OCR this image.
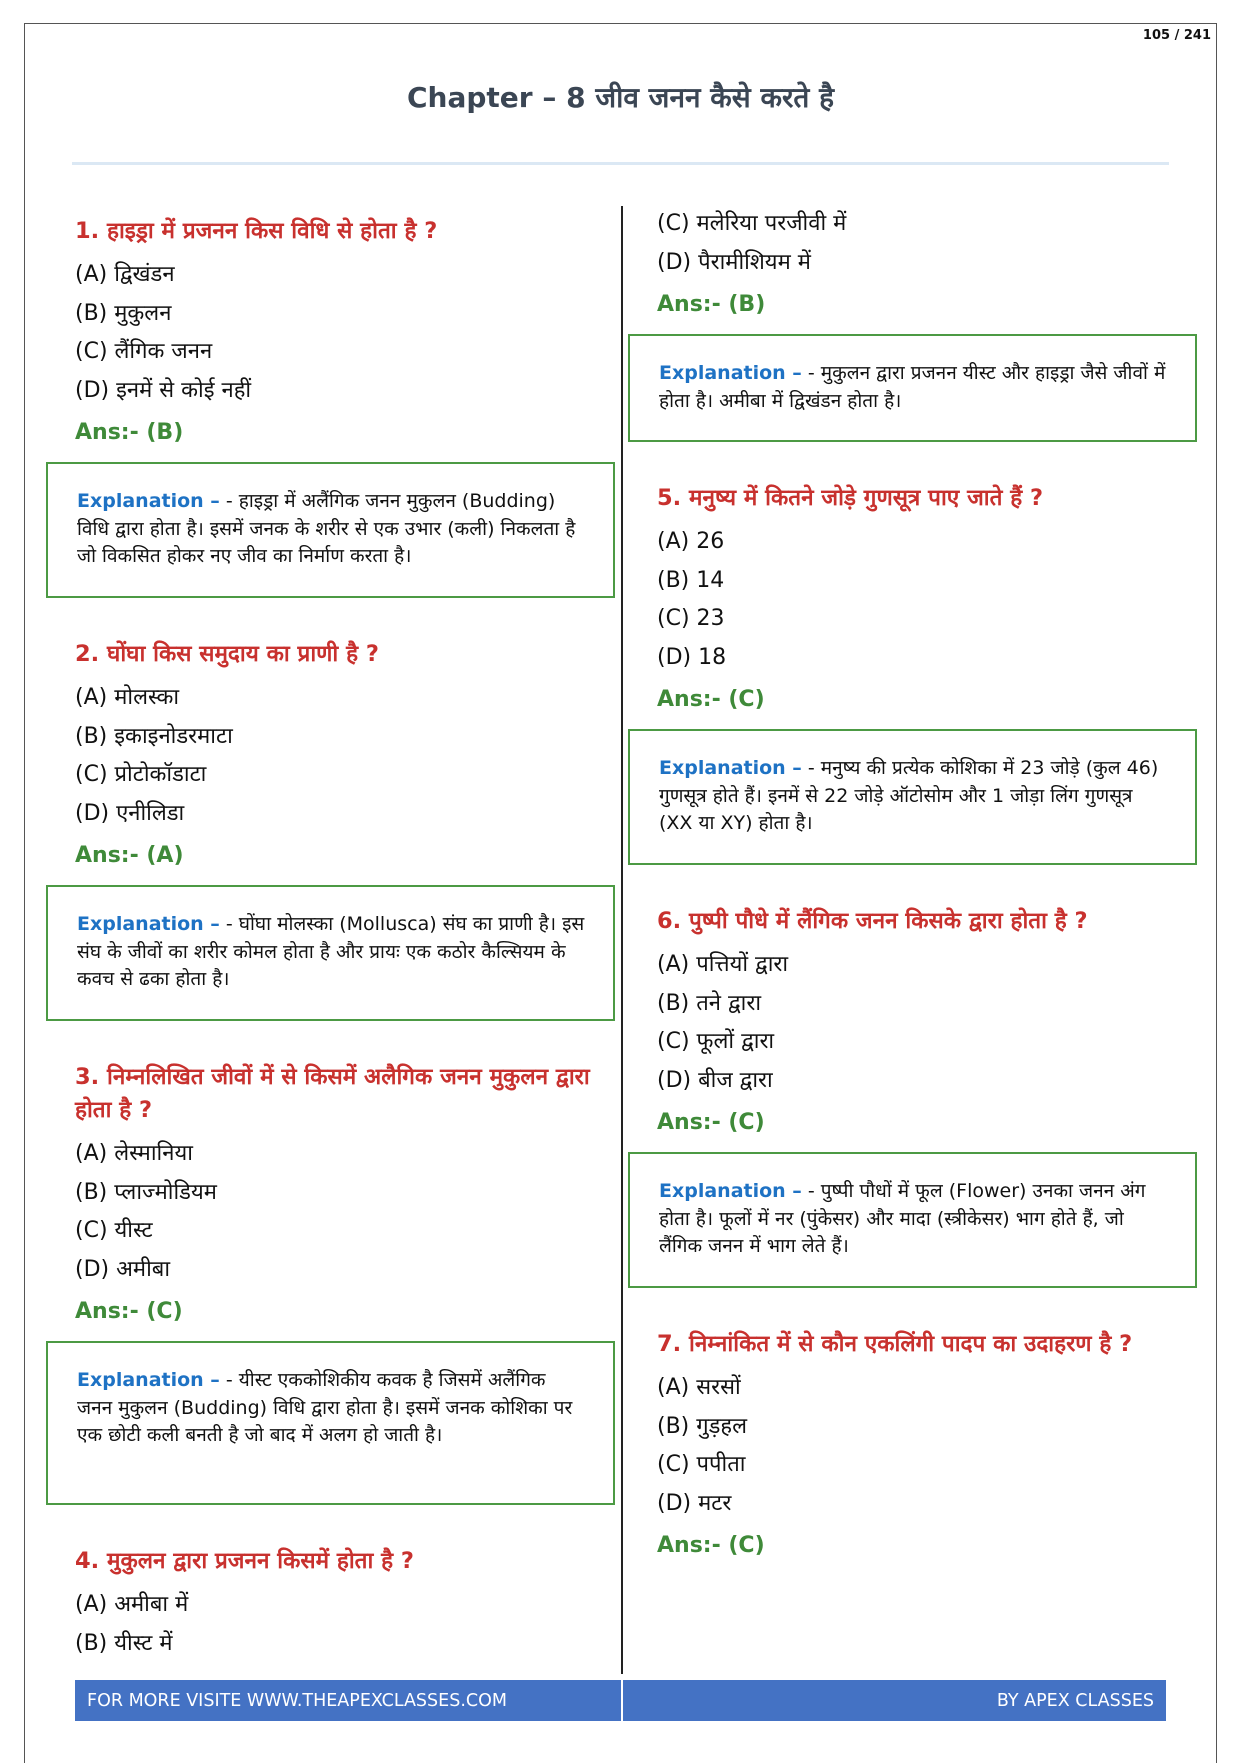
105 / 241
Chapter – 8 जीव जनन कैसे करते है
1. हाइड्रा में प्रजनन किस विधि से होता है ?
(A) द्विखंडन
(B) मुकुलन
(C) लैंगिक जनन
(D) इनमें से कोई नहीं
Ans:- (B)
Explanation – - हाइड्रा में अलैंगिक जनन मुकुलन (Budding) विधि द्वारा होता है। इसमें जनक के शरीर से एक उभार (कली) निकलता है जो विकसित होकर नए जीव का निर्माण करता है।
2. घोंघा किस समुदाय का प्राणी है ?
(A) मोलस्का
(B) इकाइनोडरमाटा
(C) प्रोटोकॉडाटा
(D) एनीलिडा
Ans:- (A)
Explanation – - घोंघा मोलस्का (Mollusca) संघ का प्राणी है। इस संघ के जीवों का शरीर कोमल होता है और प्रायः एक कठोर कैल्सियम के कवच से ढका होता है।
3. निम्नलिखित जीवों में से किसमें अलैगिक जनन मुकुलन द्वारा होता है ?
(A) लेस्मानिया
(B) प्लाज्मोडियम
(C) यीस्ट
(D) अमीबा
Ans:- (C)
Explanation – - यीस्ट एककोशिकीय कवक है जिसमें अलैंगिक जनन मुकुलन (Budding) विधि द्वारा होता है। इसमें जनक कोशिका पर एक छोटी कली बनती है जो बाद में अलग हो जाती है।
4. मुकुलन द्वारा प्रजनन किसमें होता है ?
(A) अमीबा में
(B) यीस्ट में
(C) मलेरिया परजीवी में
(D) पैरामीशियम में
Ans:- (B)
Explanation – - मुकुलन द्वारा प्रजनन यीस्ट और हाइड्रा जैसे जीवों में होता है। अमीबा में द्विखंडन होता है।
5. मनुष्य में कितने जोड़े गुणसूत्र पाए जाते हैं ?
(A) 26
(B) 14
(C) 23
(D) 18
Ans:- (C)
Explanation – - मनुष्य की प्रत्येक कोशिका में 23 जोड़े (कुल 46) गुणसूत्र होते हैं। इनमें से 22 जोड़े ऑटोसोम और 1 जोड़ा लिंग गुणसूत्र (XX या XY) होता है।
6. पुष्पी पौधे में लैंगिक जनन किसके द्वारा होता है ?
(A) पत्तियों द्वारा
(B) तने द्वारा
(C) फूलों द्वारा
(D) बीज द्वारा
Ans:- (C)
Explanation – - पुष्पी पौधों में फूल (Flower) उनका जनन अंग होता है। फूलों में नर (पुंकेसर) और मादा (स्त्रीकेसर) भाग होते हैं, जो लैंगिक जनन में भाग लेते हैं।
7. निम्नांकित में से कौन एकलिंगी पादप का उदाहरण है ?
(A) सरसों
(B) गुड़हल
(C) पपीता
(D) मटर
Ans:- (C)
FOR MORE VISITE WWW.THEAPEXCLASSES.COM	BY APEX CLASSES
